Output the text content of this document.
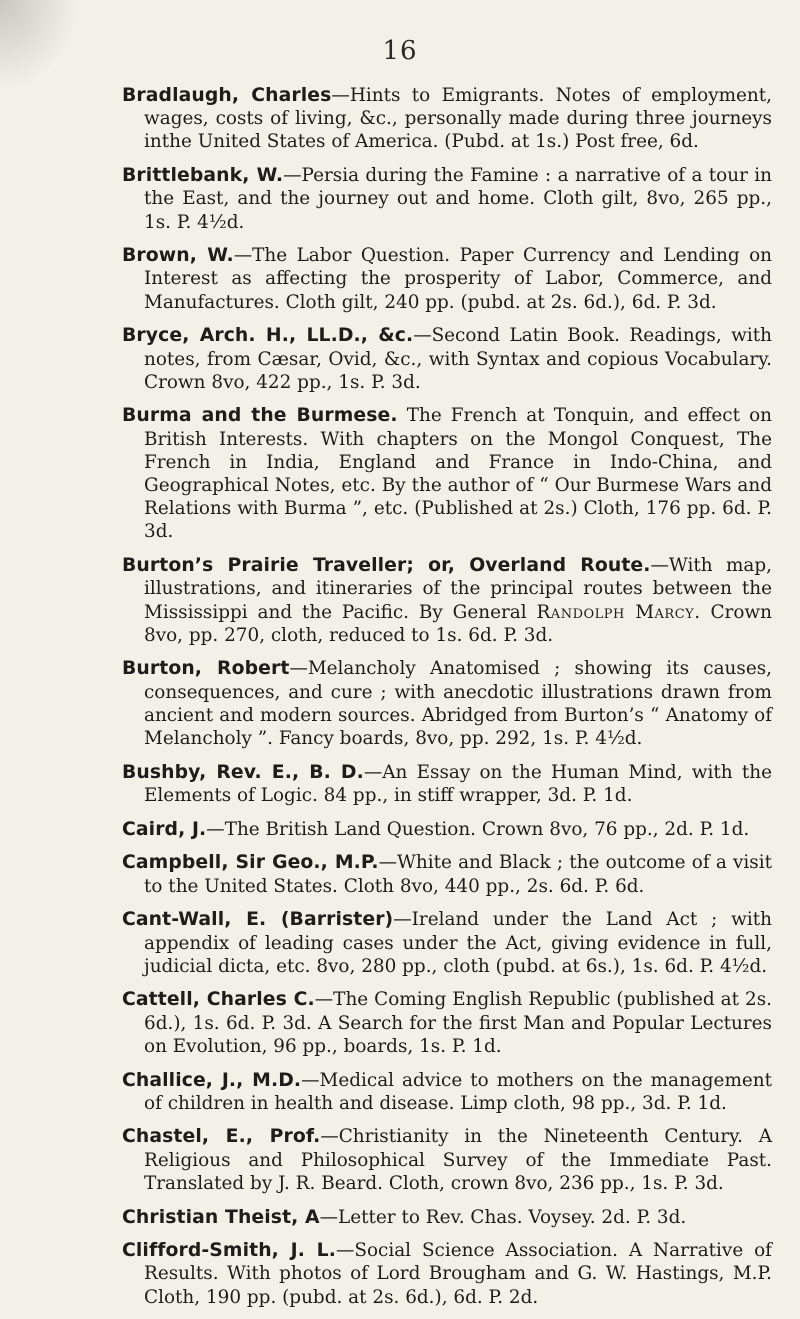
16

Bradlaugh, Charles—Hints to Emigrants. Notes of employment, wages, costs of living, &c., personally made during three journeys inthe United States of America. (Pubd. at 1s.) Post free, 6d.

Brittlebank, W.—Persia during the Famine : a narrative of a tour in the East, and the journey out and home. Cloth gilt, 8vo, 265 pp., 1s. P. 4½d.

Brown, W.—The Labor Question. Paper Currency and Lending on Interest as affecting the prosperity of Labor, Commerce, and Manufactures. Cloth gilt, 240 pp. (pubd. at 2s. 6d.), 6d. P. 3d.

Bryce, Arch. H., LL.D., &c.—Second Latin Book. Readings, with notes, from Cæsar, Ovid, &c., with Syntax and copious Vocabulary. Crown 8vo, 422 pp., 1s. P. 3d.

Burma and the Burmese. The French at Tonquin, and effect on British Interests. With chapters on the Mongol Conquest, The French in India, England and France in Indo-China, and Geographical Notes, etc. By the author of “ Our Burmese Wars and Relations with Burma ”, etc. (Published at 2s.) Cloth, 176 pp. 6d. P. 3d.

Burton’s Prairie Traveller; or, Overland Route.—With map, illustrations, and itineraries of the principal routes between the Mississippi and the Pacific. By General Randolph Marcy. Crown 8vo, pp. 270, cloth, reduced to 1s. 6d. P. 3d.

Burton, Robert—Melancholy Anatomised ; showing its causes, consequences, and cure ; with anecdotic illustrations drawn from ancient and modern sources. Abridged from Burton’s “ Anatomy of Melancholy ”. Fancy boards, 8vo, pp. 292, 1s. P. 4½d.

Bushby, Rev. E., B. D.—An Essay on the Human Mind, with the Elements of Logic. 84 pp., in stiff wrapper, 3d. P. 1d.

Caird, J.—The British Land Question. Crown 8vo, 76 pp., 2d. P. 1d.

Campbell, Sir Geo., M.P.—White and Black ; the outcome of a visit to the United States. Cloth 8vo, 440 pp., 2s. 6d. P. 6d.

Cant-Wall, E. (Barrister)—Ireland under the Land Act ; with appendix of leading cases under the Act, giving evidence in full, judicial dicta, etc. 8vo, 280 pp., cloth (pubd. at 6s.), 1s. 6d. P. 4½d.

Cattell, Charles C.—The Coming English Republic (published at 2s. 6d.), 1s. 6d. P. 3d. A Search for the first Man and Popular Lectures on Evolution, 96 pp., boards, 1s. P. 1d.

Challice, J., M.D.—Medical advice to mothers on the management of children in health and disease. Limp cloth, 98 pp., 3d. P. 1d.

Chastel, E., Prof.—Christianity in the Nineteenth Century. A Religious and Philosophical Survey of the Immediate Past. Translated by J. R. Beard. Cloth, crown 8vo, 236 pp., 1s. P. 3d.

Christian Theist, A—Letter to Rev. Chas. Voysey. 2d. P. 3d.

Clifford-Smith, J. L.—Social Science Association. A Narrative of Results. With photos of Lord Brougham and G. W. Hastings, M.P. Cloth, 190 pp. (pubd. at 2s. 6d.), 6d. P. 2d.
